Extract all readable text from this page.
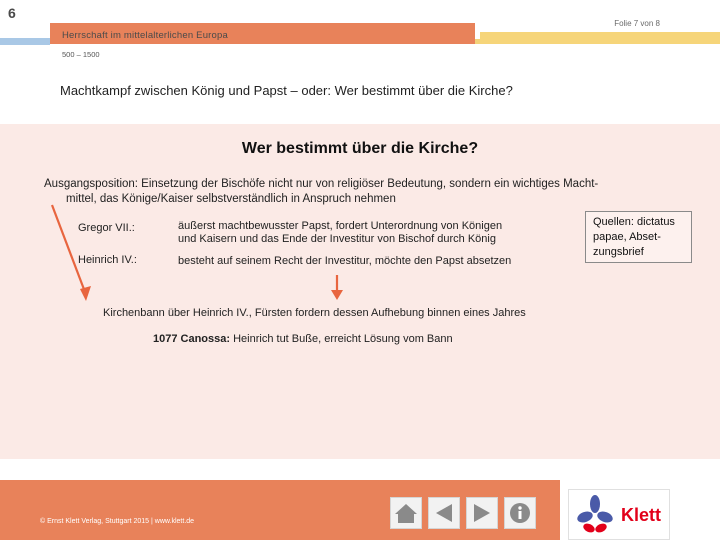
6
Herrschaft im mittelalterlichen Europa
Folie 7 von 8
500 – 1500
Machtkampf zwischen König und Papst – oder: Wer bestimmt über die Kirche?
Wer bestimmt über die Kirche?
Ausgangsposition: Einsetzung der Bischöfe nicht nur von religiöser Bedeutung, sondern ein wichtiges Macht-
mittel, das Könige/Kaiser selbstverständlich in Anspruch nehmen
Gregor VII.:	äußerst machtbewusster Papst, fordert Unterordnung von Königen
und Kaisern und das Ende der Investitur von Bischof durch König
Heinrich IV.:	besteht auf seinem Recht der Investitur, möchte den Papst absetzen
Quellen: dictatus papae, Abset-zungsbrief
Kirchenbann über Heinrich IV., Fürsten fordern dessen Aufhebung binnen eines Jahres
1077 Canossa: Heinrich tut Buße, erreicht Lösung vom Bann
© Ernst Klett Verlag, Stuttgart 2015 | www.klett.de	Klett
